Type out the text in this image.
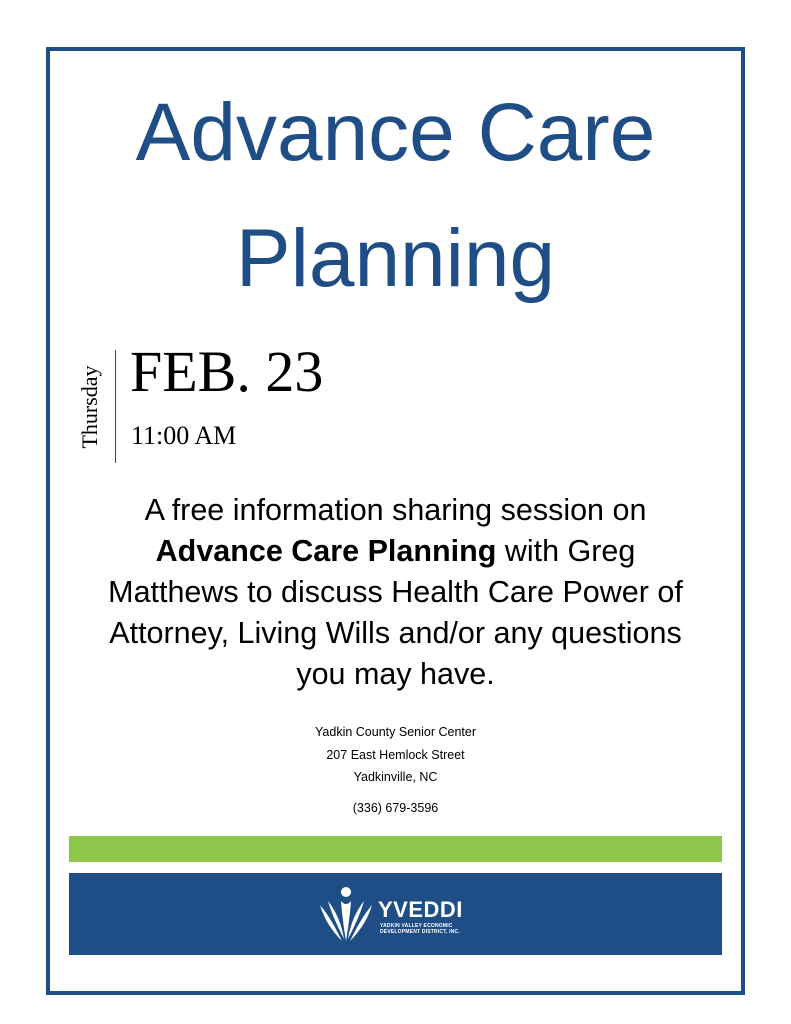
Advance Care
Planning
Thursday FEB. 23
11:00 AM

A free information sharing session on
Advance Care Planning with Greg
Matthews to discuss Health Care Power of
Attorney, Living Wills and/or any questions
you may have.

Yadkin County Senior Center
207 East Hemlock Street
Yadkinville, NC
(336) 679-3596
YVEDDI
YADKIN VALLEY ECONOMIC
DEVELOPMENT DISTRICT, INC.
